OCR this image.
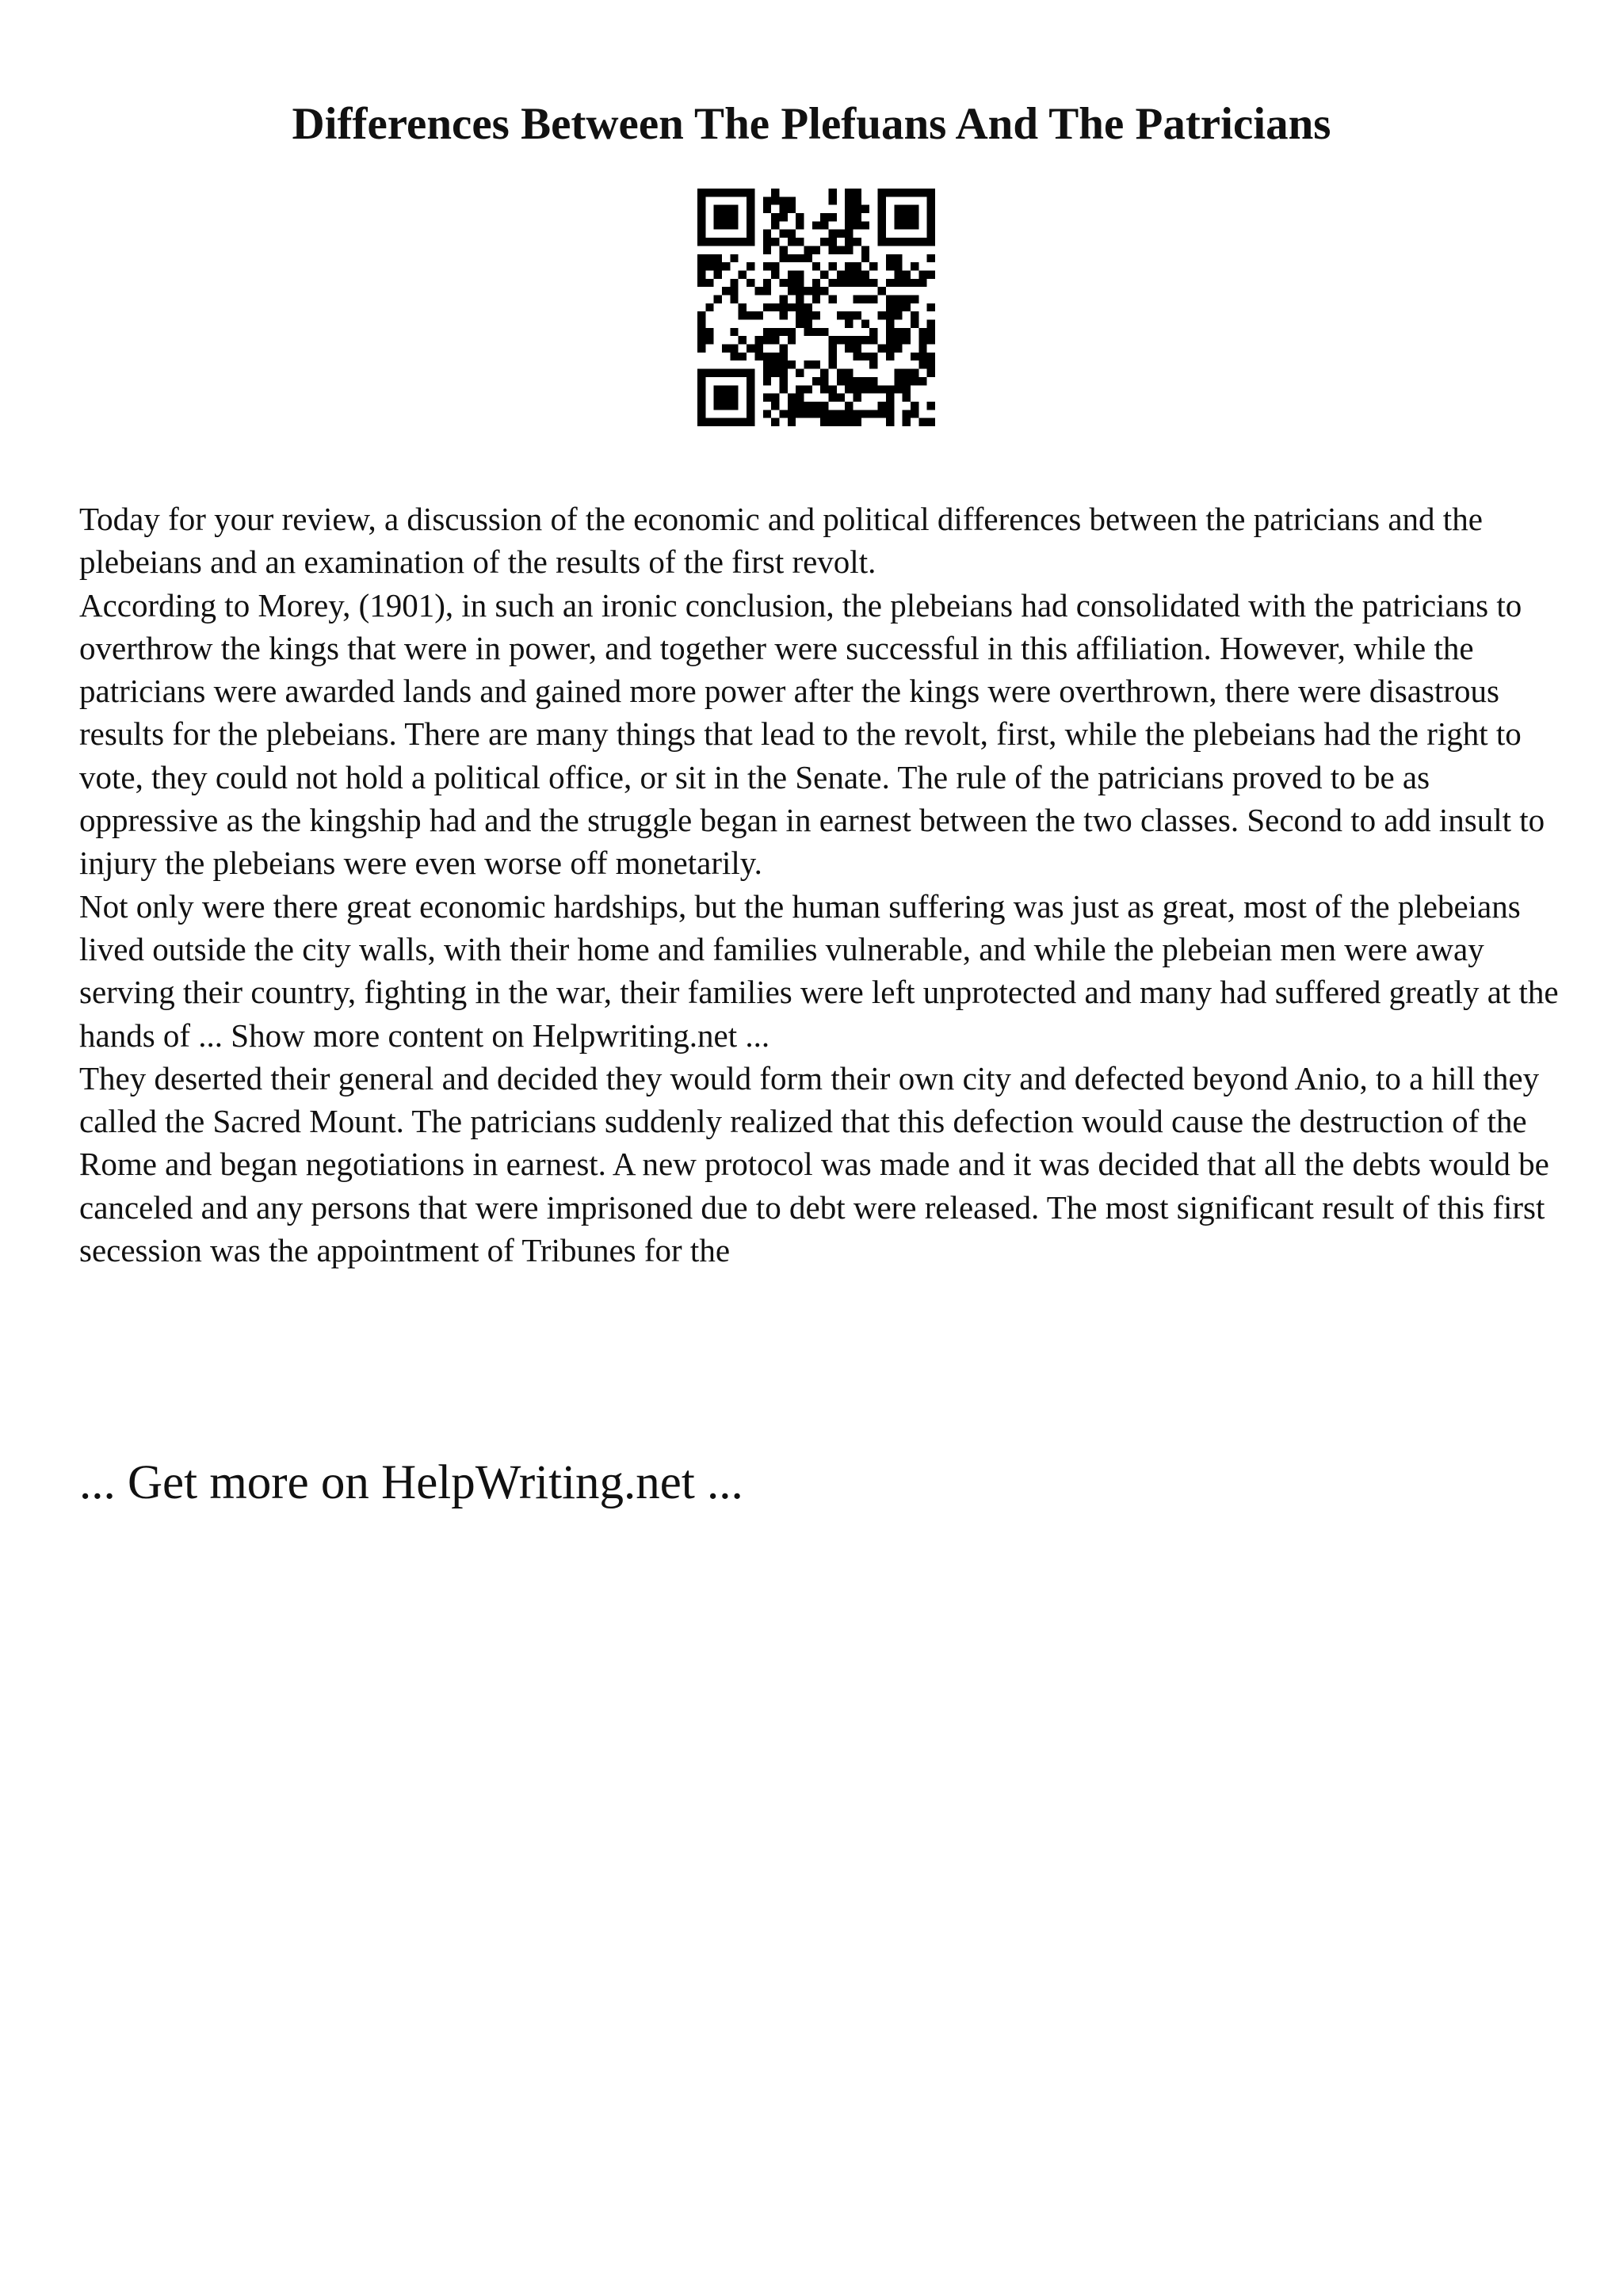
Differences Between The Plefuans And The Patricians

Today for your review, a discussion of the economic and political differences between the patricians and the plebeians and an examination of the results of the first revolt.

According to Morey, (1901), in such an ironic conclusion, the plebeians had consolidated with the patricians to overthrow the kings that were in power, and together were successful in this affiliation. However, while the patricians were awarded lands and gained more power after the kings were overthrown, there were disastrous results for the plebeians. There are many things that lead to the revolt, first, while the plebeians had the right to vote, they could not hold a political office, or sit in the Senate. The rule of the patricians proved to be as oppressive as the kingship had and the struggle began in earnest between the two classes. Second to add insult to injury the plebeians were even worse off monetarily.

Not only were there great economic hardships, but the human suffering was just as great, most of the plebeians lived outside the city walls, with their home and families vulnerable, and while the plebeian men were away serving their country, fighting in the war, their families were left unprotected and many had suffered greatly at the hands of ... Show more content on Helpwriting.net ...

They deserted their general and decided they would form their own city and defected beyond Anio, to a hill they called the Sacred Mount. The patricians suddenly realized that this defection would cause the destruction of the Rome and began negotiations in earnest. A new protocol was made and it was decided that all the debts would be canceled and any persons that were imprisoned due to debt were released. The most significant result of this first secession was the appointment of Tribunes for the

... Get more on HelpWriting.net ...
